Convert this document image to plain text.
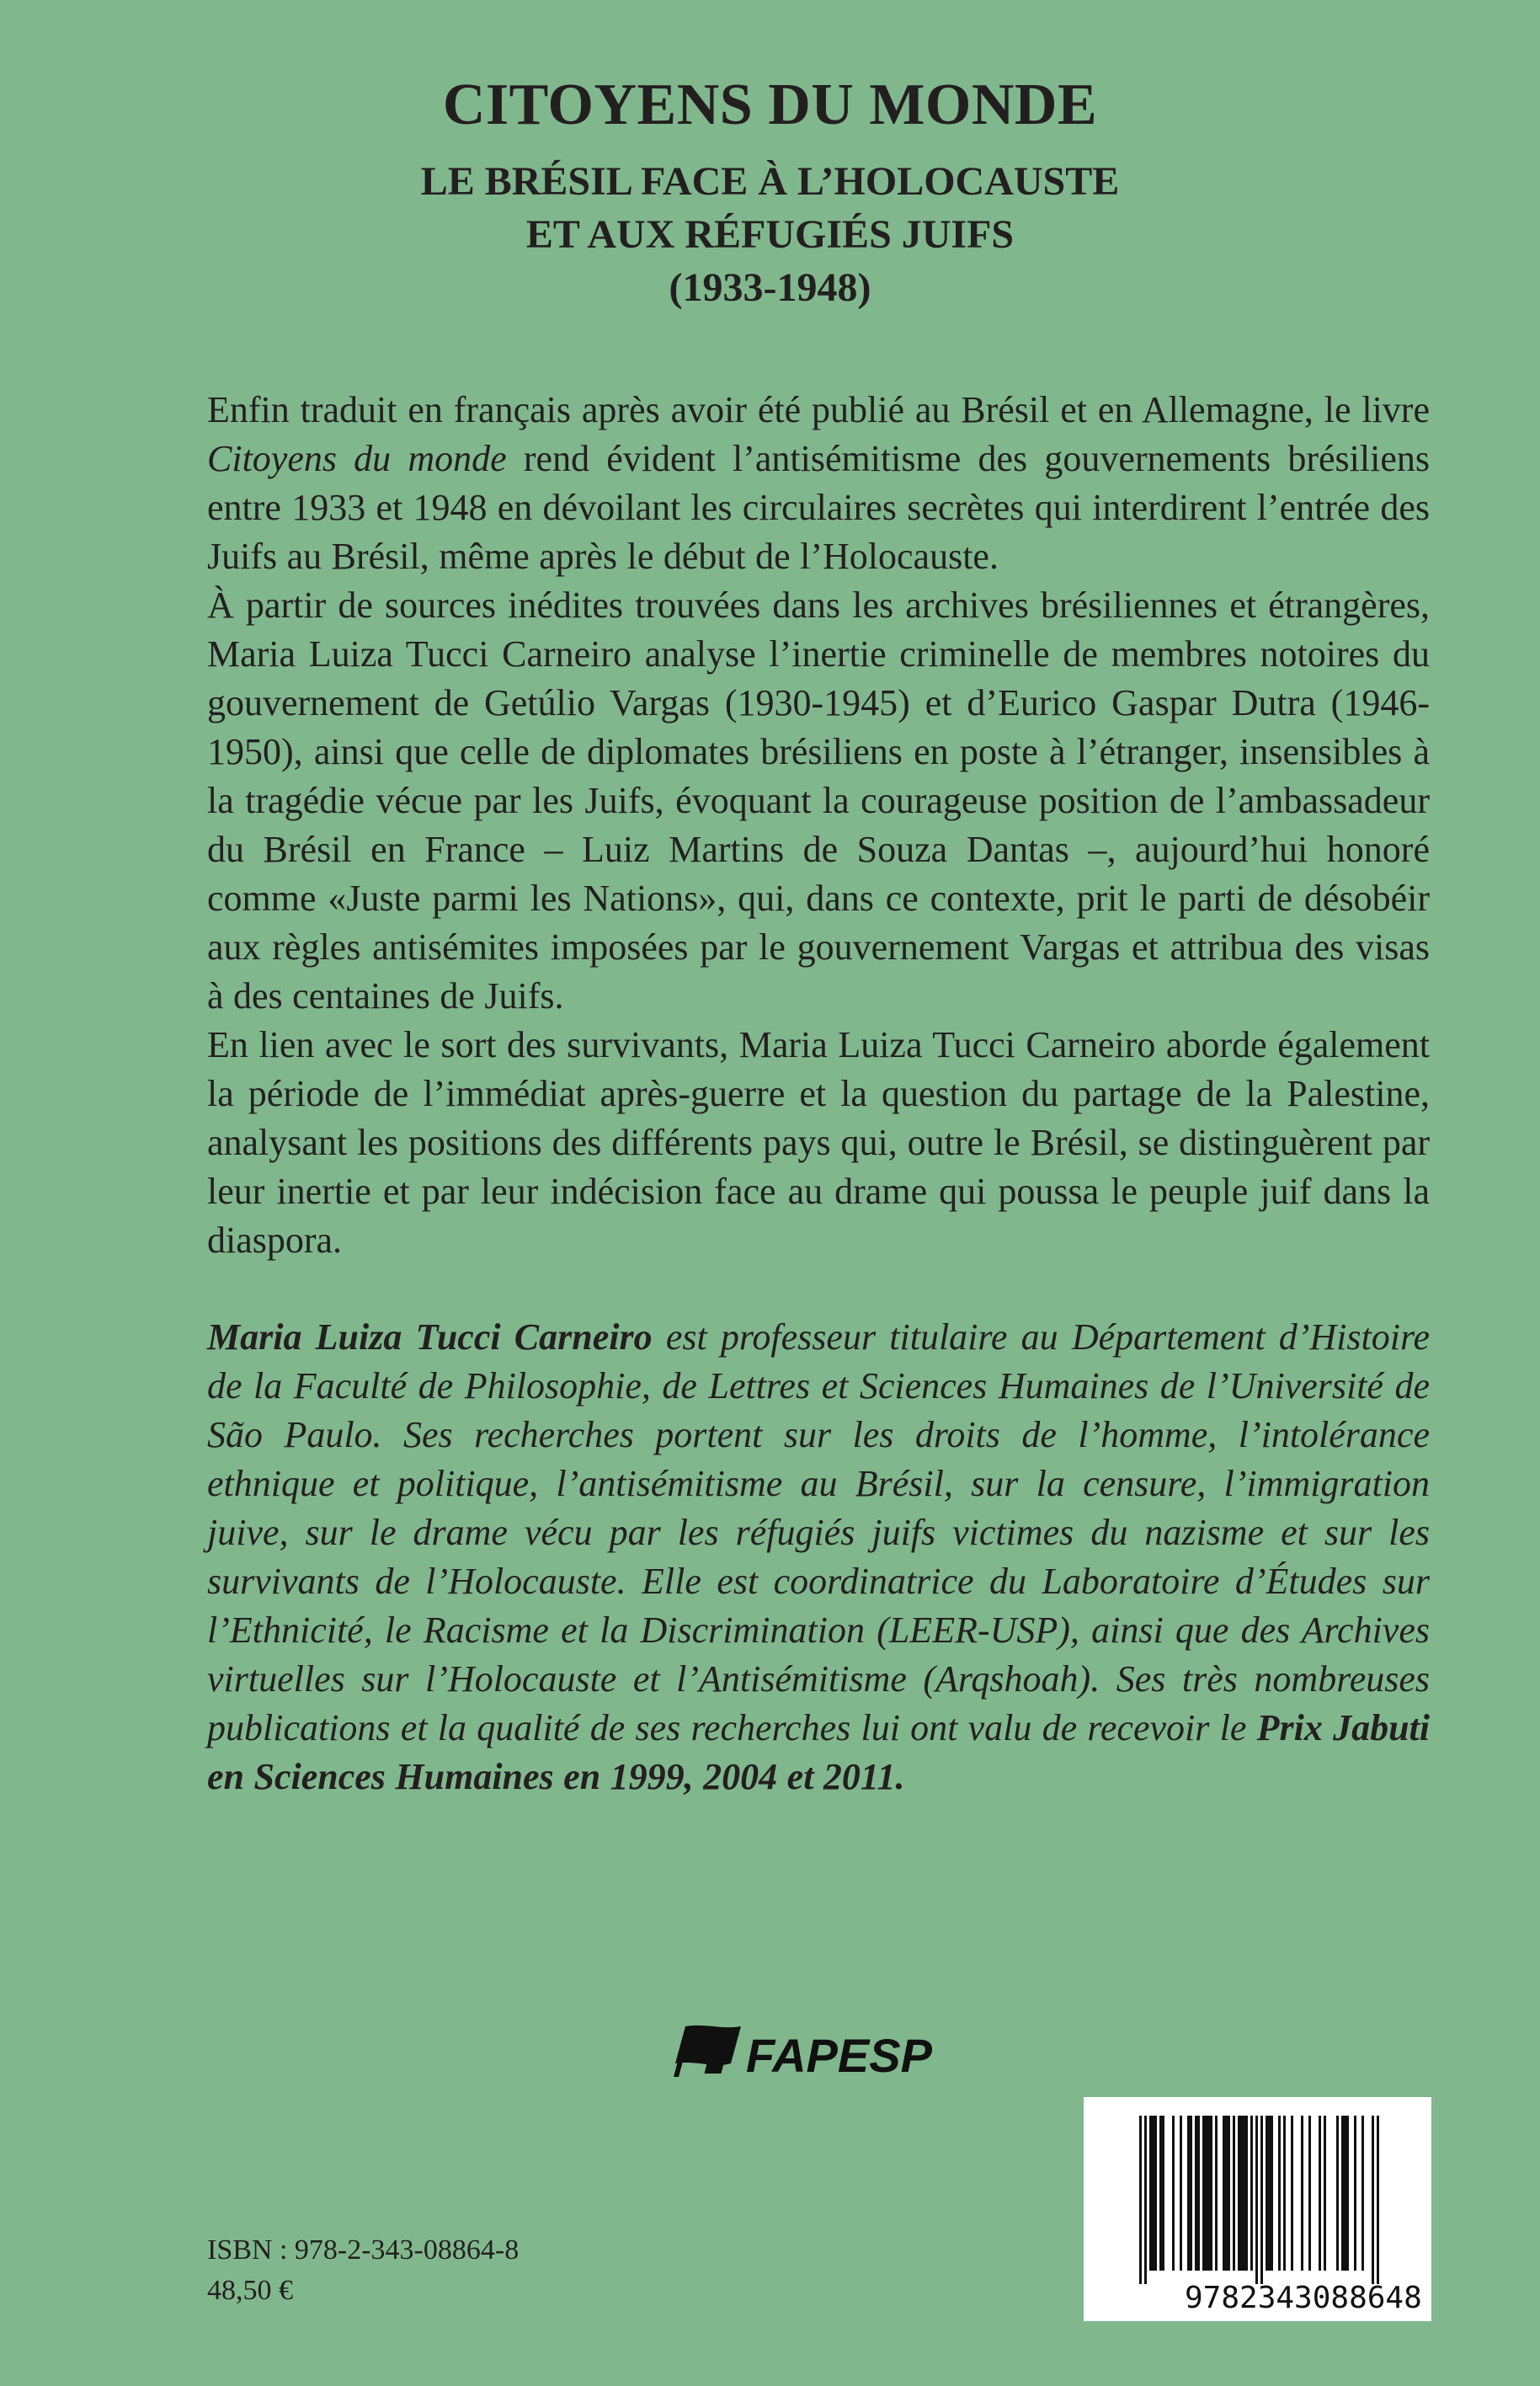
CITOYENS DU MONDE
LE BRÉSIL FACE À L’HOLOCAUSTE
ET AUX RÉFUGIÉS JUIFS
(1933-1948)

Enfin traduit en français après avoir été publié au Brésil et en Allemagne, le livre Citoyens du monde rend évident l’antisémitisme des gouvernements brésiliens entre 1933 et 1948 en dévoilant les circulaires secrètes qui interdirent l’entrée des Juifs au Brésil, même après le début de l’Holocauste.

À partir de sources inédites trouvées dans les archives brésiliennes et étrangères, Maria Luiza Tucci Carneiro analyse l’inertie criminelle de membres notoires du gouvernement de Getúlio Vargas (1930-1945) et d’Eurico Gaspar Dutra (1946-1950), ainsi que celle de diplomates brésiliens en poste à l’étranger, insensibles à la tragédie vécue par les Juifs, évoquant la courageuse position de l’ambassadeur du Brésil en France – Luiz Martins de Souza Dantas –, aujourd’hui honoré comme «Juste parmi les Nations», qui, dans ce contexte, prit le parti de désobéir aux règles antisémites imposées par le gouvernement Vargas et attribua des visas à des centaines de Juifs.

En lien avec le sort des survivants, Maria Luiza Tucci Carneiro aborde également la période de l’immédiat après-guerre et la question du partage de la Palestine, analysant les positions des différents pays qui, outre le Brésil, se distinguèrent par leur inertie et par leur indécision face au drame qui poussa le peuple juif dans la diaspora.

Maria Luiza Tucci Carneiro est professeur titulaire au Département d’Histoire de la Faculté de Philosophie, de Lettres et Sciences Humaines de l’Université de São Paulo. Ses recherches portent sur les droits de l’homme, l’intolérance ethnique et politique, l’antisémitisme au Brésil, sur la censure, l’immigration juive, sur le drame vécu par les réfugiés juifs victimes du nazisme et sur les survivants de l’Holocauste. Elle est coordinatrice du Laboratoire d’Études sur l’Ethnicité, le Racisme et la Discrimination (LEER-USP), ainsi que des Archives virtuelles sur l’Holocauste et l’Antisémitisme (Arqshoah). Ses très nombreuses publications et la qualité de ses recherches lui ont valu de recevoir le Prix Jabuti en Sciences Humaines en 1999, 2004 et 2011.

FAPESP
ISBN : 978-2-343-08864-8
48,50 €	9782343088648
